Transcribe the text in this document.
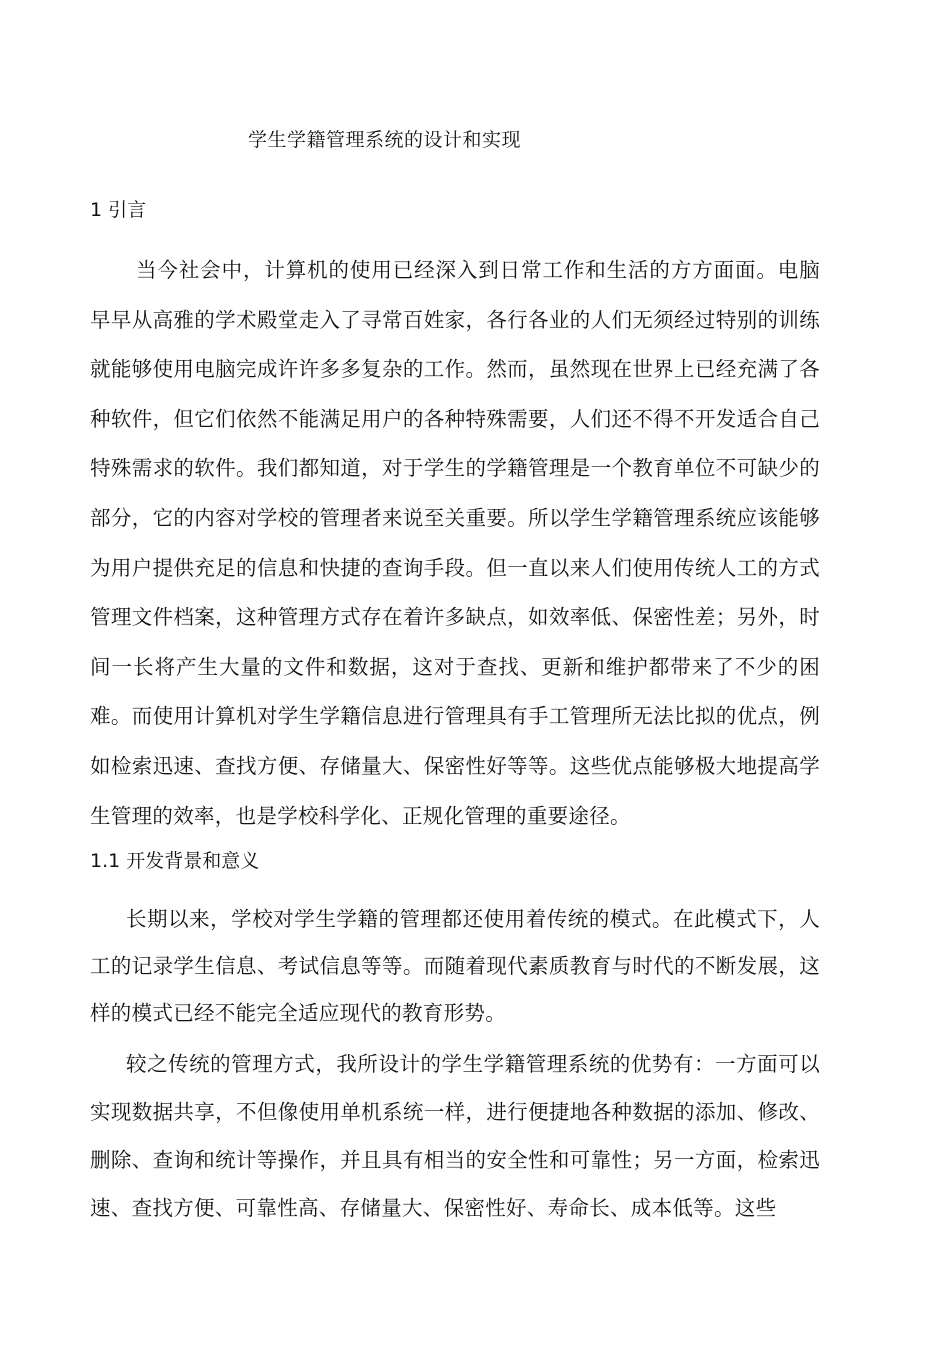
学生学籍管理系统的设计和实现
1 引言

当今社会中，计算机的使用已经深入到日常工作和生活的方方面面。电脑早早从高雅的学术殿堂走入了寻常百姓家，各行各业的人们无须经过特别的训练就能够使用电脑完成许许多多复杂的工作。然而，虽然现在世界上已经充满了各种软件，但它们依然不能满足用户的各种特殊需要，人们还不得不开发适合自己特殊需求的软件。我们都知道，对于学生的学籍管理是一个教育单位不可缺少的部分，它的内容对学校的管理者来说至关重要。所以学生学籍管理系统应该能够为用户提供充足的信息和快捷的查询手段。但一直以来人们使用传统人工的方式管理文件档案，这种管理方式存在着许多缺点，如效率低、保密性差；另外，时间一长将产生大量的文件和数据，这对于查找、更新和维护都带来了不少的困难。而使用计算机对学生学籍信息进行管理具有手工管理所无法比拟的优点，例如检索迅速、查找方便、存储量大、保密性好等等。这些优点能够极大地提高学生管理的效率，也是学校科学化、正规化管理的重要途径。

1.1 开发背景和意义

长期以来，学校对学生学籍的管理都还使用着传统的模式。在此模式下，人工的记录学生信息、考试信息等等。而随着现代素质教育与时代的不断发展，这样的模式已经不能完全适应现代的教育形势。

较之传统的管理方式，我所设计的学生学籍管理系统的优势有：一方面可以实现数据共享，不但像使用单机系统一样，进行便捷地各种数据的添加、修改、删除、查询和统计等操作，并且具有相当的安全性和可靠性；另一方面，检索迅速、查找方便、可靠性高、存储量大、保密性好、寿命长、成本低等。这些
